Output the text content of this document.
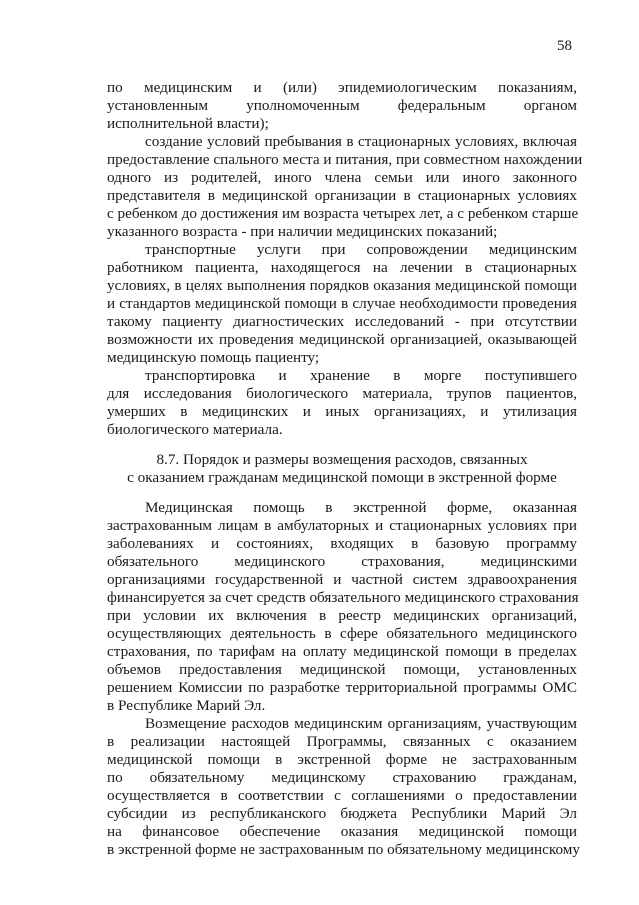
58
по медицинским и (или) эпидемиологическим показаниям,
установленным уполномоченным федеральным органом
исполнительной власти);
создание условий пребывания в стационарных условиях, включая
предоставление спального места и питания, при совместном нахождении
одного из родителей, иного члена семьи или иного законного
представителя в медицинской организации в стационарных условиях
с ребенком до достижения им возраста четырех лет, а с ребенком старше
указанного возраста - при наличии медицинских показаний;
транспортные услуги при сопровождении медицинским
работником пациента, находящегося на лечении в стационарных
условиях, в целях выполнения порядков оказания медицинской помощи
и стандартов медицинской помощи в случае необходимости проведения
такому пациенту диагностических исследований - при отсутствии
возможности их проведения медицинской организацией, оказывающей
медицинскую помощь пациенту;
транспортировка и хранение в морге поступившего
для исследования биологического материала, трупов пациентов,
умерших в медицинских и иных организациях, и утилизация
биологического материала.
8.7. Порядок и размеры возмещения расходов, связанных
с оказанием гражданам медицинской помощи в экстренной форме
Медицинская помощь в экстренной форме, оказанная
застрахованным лицам в амбулаторных и стационарных условиях при
заболеваниях и состояниях, входящих в базовую программу
обязательного медицинского страхования, медицинскими
организациями государственной и частной систем здравоохранения
финансируется за счет средств обязательного медицинского страхования
при условии их включения в реестр медицинских организаций,
осуществляющих деятельность в сфере обязательного медицинского
страхования, по тарифам на оплату медицинской помощи в пределах
объемов предоставления медицинской помощи, установленных
решением Комиссии по разработке территориальной программы ОМС
в Республике Марий Эл.
Возмещение расходов медицинским организациям, участвующим
в реализации настоящей Программы, связанных с оказанием
медицинской помощи в экстренной форме не застрахованным
по обязательному медицинскому страхованию гражданам,
осуществляется в соответствии с соглашениями о предоставлении
субсидии из республиканского бюджета Республики Марий Эл
на финансовое обеспечение оказания медицинской помощи
в экстренной форме не застрахованным по обязательному медицинскому
